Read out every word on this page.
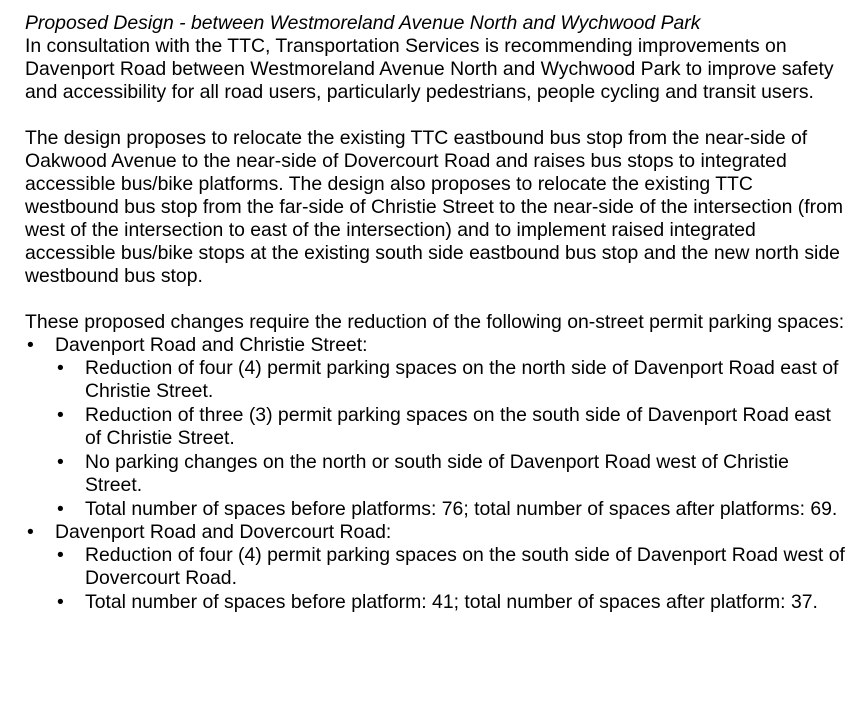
Proposed Design - between Westmoreland Avenue North and Wychwood Park

In consultation with the TTC, Transportation Services is recommending improvements on Davenport Road between Westmoreland Avenue North and Wychwood Park to improve safety and accessibility for all road users, particularly pedestrians, people cycling and transit users.

The design proposes to relocate the existing TTC eastbound bus stop from the near-side of Oakwood Avenue to the near-side of Dovercourt Road and raises bus stops to integrated accessible bus/bike platforms. The design also proposes to relocate the existing TTC westbound bus stop from the far-side of Christie Street to the near-side of the intersection (from west of the intersection to east of the intersection) and to implement raised integrated accessible bus/bike stops at the existing south side eastbound bus stop and the new north side westbound bus stop.

These proposed changes require the reduction of the following on-street permit parking spaces:

• Davenport Road and Christie Street:
• Reduction of four (4) permit parking spaces on the north side of Davenport Road east of Christie Street.
• Reduction of three (3) permit parking spaces on the south side of Davenport Road east of Christie Street.
• No parking changes on the north or south side of Davenport Road west of Christie Street.
• Total number of spaces before platforms: 76; total number of spaces after platforms: 69.
• Davenport Road and Dovercourt Road:
• Reduction of four (4) permit parking spaces on the south side of Davenport Road west of Dovercourt Road.
• Total number of spaces before platform: 41; total number of spaces after platform: 37.
